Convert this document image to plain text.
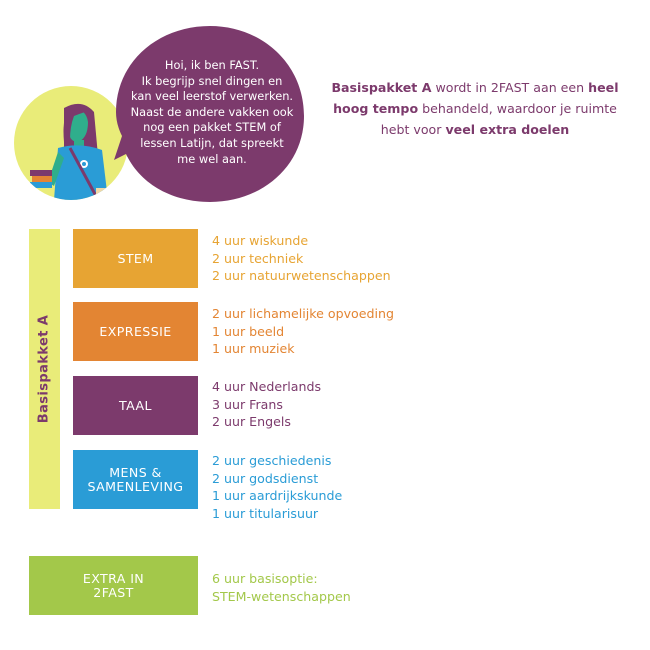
Hoi, ik ben FAST.
Ik begrijp snel dingen en
kan veel leerstof verwerken.
Naast de andere vakken ook
nog een pakket STEM of
lessen Latijn, dat spreekt
me wel aan.
Basispakket A wordt in 2FAST aan een heel hoog tempo behandeld, waardoor je ruimte hebt voor veel extra doelen
Basispakket A
STEM
4 uur wiskunde
2 uur techniek
2 uur natuurwetenschappen
EXPRESSIE
2 uur lichamelijke opvoeding
1 uur beeld
1 uur muziek
TAAL
4 uur Nederlands
3 uur Frans
2 uur Engels
MENS &
SAMENLEVING
2 uur geschiedenis
2 uur godsdienst
1 uur aardrijkskunde
1 uur titularisuur
EXTRA IN
2FAST
6 uur basisoptie:
STEM-wetenschappen
